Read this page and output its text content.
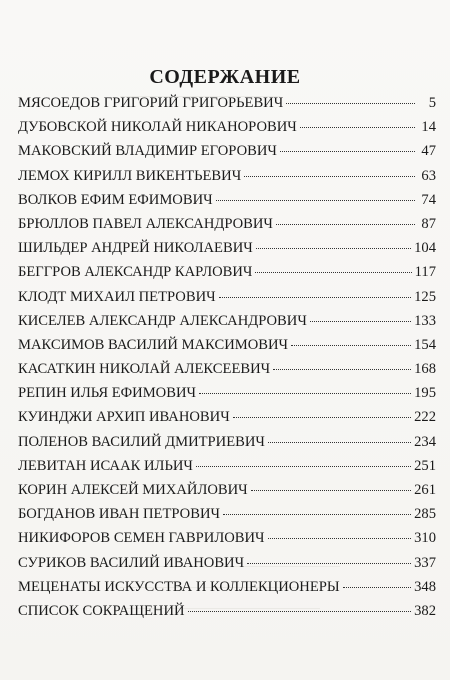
СОДЕРЖАНИЕ
МЯСОЕДОВ ГРИГОРИЙ ГРИГОРЬЕВИЧ	5
ДУБОВСКОЙ НИКОЛАЙ НИКАНОРОВИЧ	14
МАКОВСКИЙ ВЛАДИМИР ЕГОРОВИЧ	47
ЛЕМОХ КИРИЛЛ ВИКЕНТЬЕВИЧ	63
ВОЛКОВ ЕФИМ ЕФИМОВИЧ	74
БРЮЛЛОВ ПАВЕЛ АЛЕКСАНДРОВИЧ	87
ШИЛЬДЕР АНДРЕЙ НИКОЛАЕВИЧ	104
БЕГГРОВ АЛЕКСАНДР КАРЛОВИЧ	117
КЛОДТ МИХАИЛ ПЕТРОВИЧ	125
КИСЕЛЕВ АЛЕКСАНДР АЛЕКСАНДРОВИЧ	133
МАКСИМОВ ВАСИЛИЙ МАКСИМОВИЧ	154
КАСАТКИН НИКОЛАЙ АЛЕКСЕЕВИЧ	168
РЕПИН ИЛЬЯ ЕФИМОВИЧ	195
КУИНДЖИ АРХИП ИВАНОВИЧ	222
ПОЛЕНОВ ВАСИЛИЙ ДМИТРИЕВИЧ	234
ЛЕВИТАН ИСААК ИЛЬИЧ	251
КОРИН АЛЕКСЕЙ МИХАЙЛОВИЧ	261
БОГДАНОВ ИВАН ПЕТРОВИЧ	285
НИКИФОРОВ СЕМЕН ГАВРИЛОВИЧ	310
СУРИКОВ ВАСИЛИЙ ИВАНОВИЧ	337
МЕЦЕНАТЫ ИСКУССТВА И КОЛЛЕКЦИОНЕРЫ	348
СПИСОК СОКРАЩЕНИЙ	382
